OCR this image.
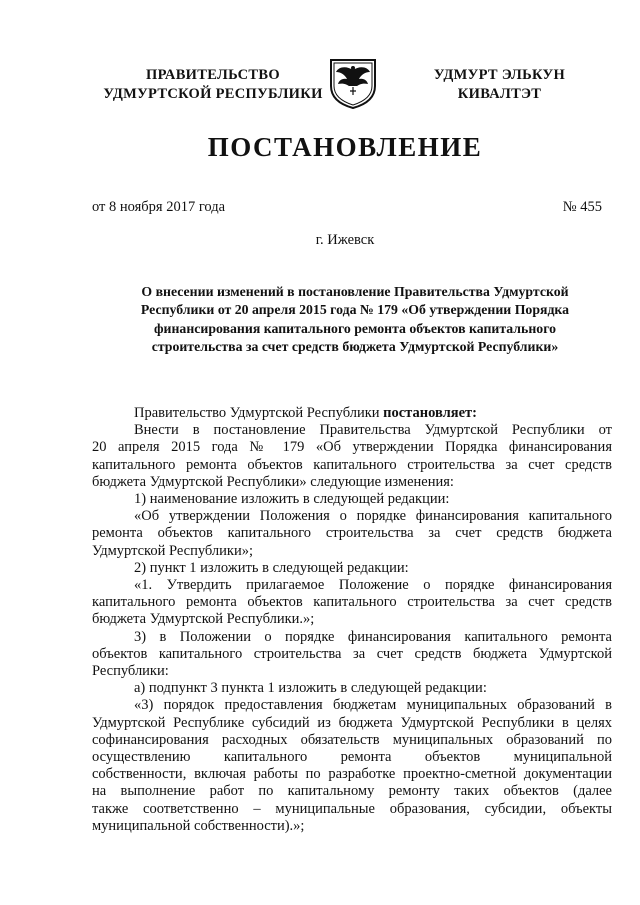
ПРАВИТЕЛЬСТВО
УДМУРТСКОЙ РЕСПУБЛИКИ
УДМУРТ ЭЛЬКУН
КИВАЛТЭТ
ПОСТАНОВЛЕНИЕ
от 8 ноября 2017 года	№ 455
г. Ижевск
О внесении изменений в постановление Правительства Удмуртской
Республики от 20 апреля 2015 года № 179 «Об утверждении Порядка
финансирования капитального ремонта объектов капитального
строительства за счет средств бюджета Удмуртской Республики»
Правительство Удмуртской Республики постановляет:
Внести в постановление Правительства Удмуртской Республики от
20 апреля 2015 года № 179 «Об утверждении Порядка финансирования
капитального ремонта объектов капитального строительства за счет средств
бюджета Удмуртской Республики» следующие изменения:
1) наименование изложить в следующей редакции:
«Об утверждении Положения о порядке финансирования капитального
ремонта объектов капитального строительства за счет средств бюджета
Удмуртской Республики»;
2) пункт 1 изложить в следующей редакции:
«1. Утвердить прилагаемое Положение о порядке финансирования
капитального ремонта объектов капитального строительства за счет средств
бюджета Удмуртской Республики.»;
3) в Положении о порядке финансирования капитального ремонта
объектов капитального строительства за счет средств бюджета Удмуртской
Республики:
а) подпункт 3 пункта 1 изложить в следующей редакции:
«3) порядок предоставления бюджетам муниципальных образований в
Удмуртской Республике субсидий из бюджета Удмуртской Республики в целях
софинансирования расходных обязательств муниципальных образований по
осуществлению капитального ремонта объектов муниципальной
собственности, включая работы по разработке проектно-сметной документации
на выполнение работ по капитальному ремонту таких объектов (далее
также соответственно – муниципальные образования, субсидии, объекты
муниципальной собственности).»;
